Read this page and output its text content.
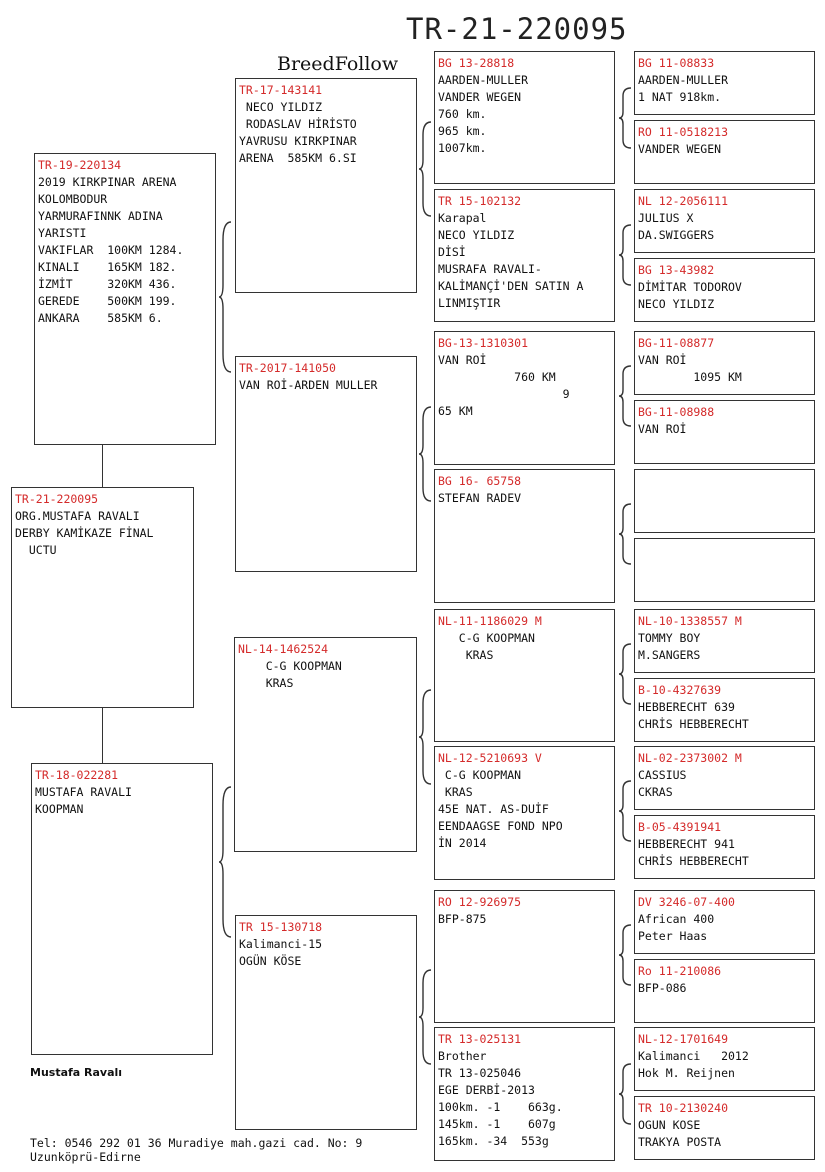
TR-21-220095
BreedFollow
TR-21-220095
ORG.MUSTAFA RAVALI
DERBY KAMİKAZE FİNAL
UCTU
TR-19-220134
2019 KIRKPINAR ARENA
KOLOMBODUR
YARMURAFINNK ADINA
YARISTI
VAKIFLAR  100KM 1284.
KINALI    165KM 182.
İZMİT     320KM 436.
GEREDE    500KM 199.
ANKARA    585KM 6.
TR-18-022281
MUSTAFA RAVALI
KOOPMAN
TR-17-143141
NECO YILDIZ
RODASLAV HİRİSTO
YAVRUSU KIRKPINAR
ARENA  585KM 6.SI
TR-2017-141050
VAN ROİ-ARDEN MULLER
NL-14-1462524
C-G KOOPMAN
KRAS
TR 15-130718
Kalimanci-15
OGÜN KÖSE
BG 13-28818
AARDEN-MULLER
VANDER WEGEN
760 km.
965 km.
1007km.
TR 15-102132
Karapal
NECO YILDIZ
DİSİ
MUSRAFA RAVALI-
KALİMANÇİ'DEN SATIN A
LINMIŞTIR
BG-13-1310301
VAN ROİ
760 KM
9
65 KM
BG 16- 65758
STEFAN RADEV
NL-11-1186029 M
C-G KOOPMAN
KRAS
NL-12-5210693 V
C-G KOOPMAN
KRAS
45E NAT. AS-DUİF
EENDAAGSE FOND NPO
İN 2014
RO 12-926975
BFP-875
TR 13-025131
Brother
TR 13-025046
EGE DERBİ-2013
100km. -1    663g.
145km. -1    607g
165km. -34  553g
BG 11-08833
AARDEN-MULLER
1 NAT 918km.
RO 11-0518213
VANDER WEGEN
NL 12-2056111
JULIUS X
DA.SWIGGERS
BG 13-43982
DİMİTAR TODOROV
NECO YILDIZ
BG-11-08877
VAN ROİ
1095 KM
BG-11-08988
VAN ROİ
NL-10-1338557 M
TOMMY BOY
M.SANGERS
B-10-4327639
HEBBERECHT 639
CHRİS HEBBERECHT
NL-02-2373002 M
CASSIUS
CKRAS
B-05-4391941
HEBBERECHT 941
CHRİS HEBBERECHT
DV 3246-07-400
African 400
Peter Haas
Ro 11-210086
BFP-086
NL-12-1701649
Kalimanci   2012
Hok M. Reijnen
TR 10-2130240
OGUN KOSE
TRAKYA POSTA
Mustafa Ravalı
Tel: 0546 292 01 36 Muradiye mah.gazi cad. No: 9
Uzunköprü-Edirne
